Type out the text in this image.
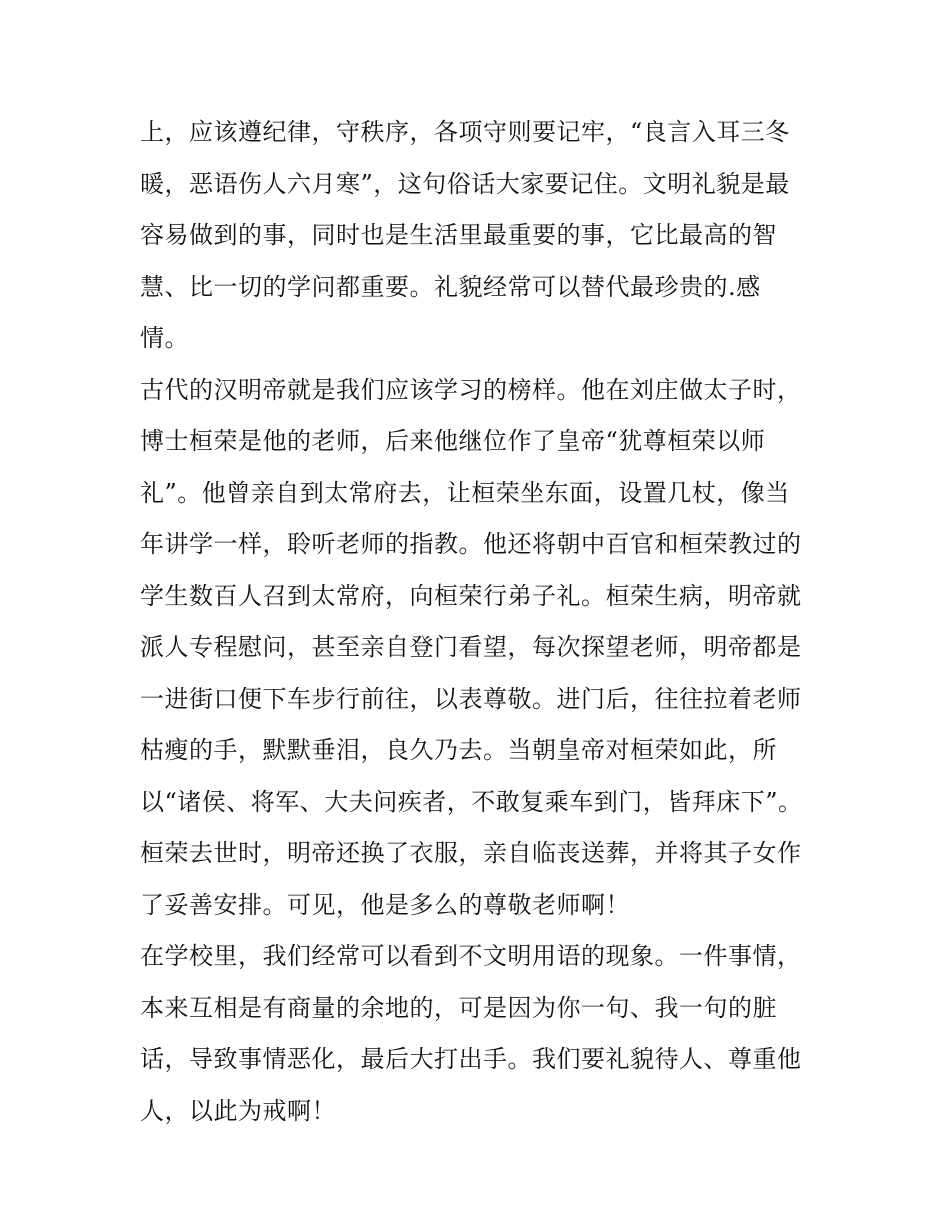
上，应该遵纪律，守秩序，各项守则要记牢，“良言入耳三冬
暖，恶语伤人六月寒”，这句俗话大家要记住。文明礼貌是最
容易做到的事，同时也是生活里最重要的事，它比最高的智
慧、比一切的学问都重要。礼貌经常可以替代最珍贵的.感
情。
古代的汉明帝就是我们应该学习的榜样。他在刘庄做太子时，
博士桓荣是他的老师，后来他继位作了皇帝“犹尊桓荣以师
礼”。他曾亲自到太常府去，让桓荣坐东面，设置几杖，像当
年讲学一样，聆听老师的指教。他还将朝中百官和桓荣教过的
学生数百人召到太常府，向桓荣行弟子礼。桓荣生病，明帝就
派人专程慰问，甚至亲自登门看望，每次探望老师，明帝都是
一进街口便下车步行前往，以表尊敬。进门后，往往拉着老师
枯瘦的手，默默垂泪，良久乃去。当朝皇帝对桓荣如此，所
以“诸侯、将军、大夫问疾者，不敢复乘车到门，皆拜床下”。
桓荣去世时，明帝还换了衣服，亲自临丧送葬，并将其子女作
了妥善安排。可见，他是多么的尊敬老师啊！
在学校里，我们经常可以看到不文明用语的现象。一件事情，
本来互相是有商量的余地的，可是因为你一句、我一句的脏
话，导致事情恶化，最后大打出手。我们要礼貌待人、尊重他
人，以此为戒啊！
